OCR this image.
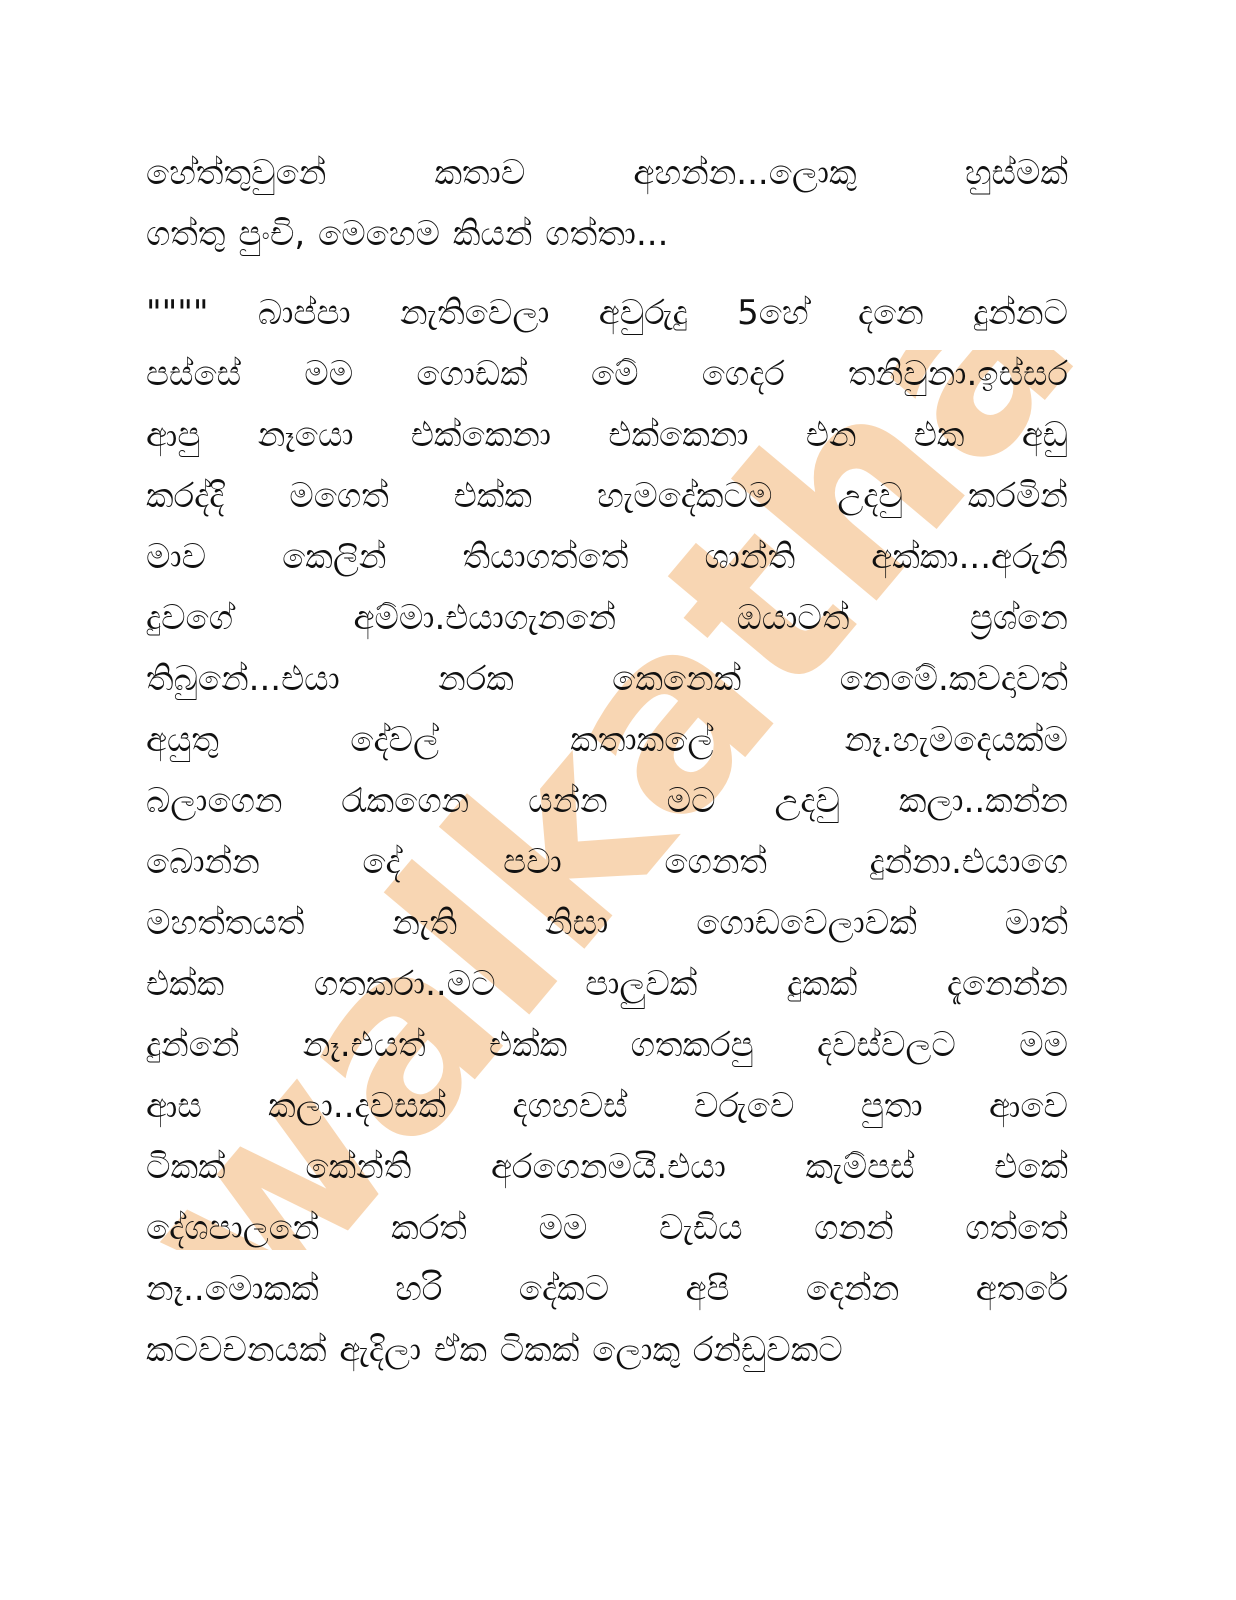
walkatha
හේත්තුවුනේ කතාව අහන්න...ලොකු හුස්මක්
ගත්තු පුංචි, මෙහෙම කියන් ගත්තා...
"""" බාප්පා නැතිවෙලා අවුරුදු 5හේ දනෙ දුන්නට
පස්සේ මම ගොඩක් මේ ගෙදර තනිවුනා.ඉස්සර
ආපු නෑයො එක්කෙනා එක්කෙනා එන එක අඩු
කරද්දි මගෙත් එක්ක හැමදේකටම උදවු කරමින්
මාව කෙලින් තියාගත්තේ ශාන්ති අක්කා...අරුනි
දුවගේ අම්මා.එයාගැනනේ ඔයාටත් ප්‍රශ්නෙ
තිබුනේ...එයා නරක කෙනෙක් නෙමේ.කවදාවත්
අයුතු දේවල් කතාකලේ නෑ.හැමදෙයක්ම
බලාගෙන රැකගෙන යන්න මට උදවු කලා..කන්න
බොන්න දේ පවා ගෙනත් දුන්නා.එයාගෙ
මහත්තයත් නැති නිසා ගොඩවෙලාවක් මාත්
එක්ක ගතකරා..මට පාලුවක් දුකක් දැනෙන්න
දුන්නේ නෑ.එයත් එක්ක ගතකරපු දවස්වලට මම
ආස කලා..දවසක් දගහවස් වරුවෙ පුතා ආවෙ
ටිකක් කේන්ති අරගෙනමයි.එයා කැම්පස් එකේ
දේශපාලනේ කරත් මම වැඩිය ගනන් ගත්තේ
නෑ..මොකක් හරි දේකට අපි දෙන්න අතරේ
කටවචනයක් ඇදිලා ඒක ටිකක් ලොකු රන්ඩුවකට
